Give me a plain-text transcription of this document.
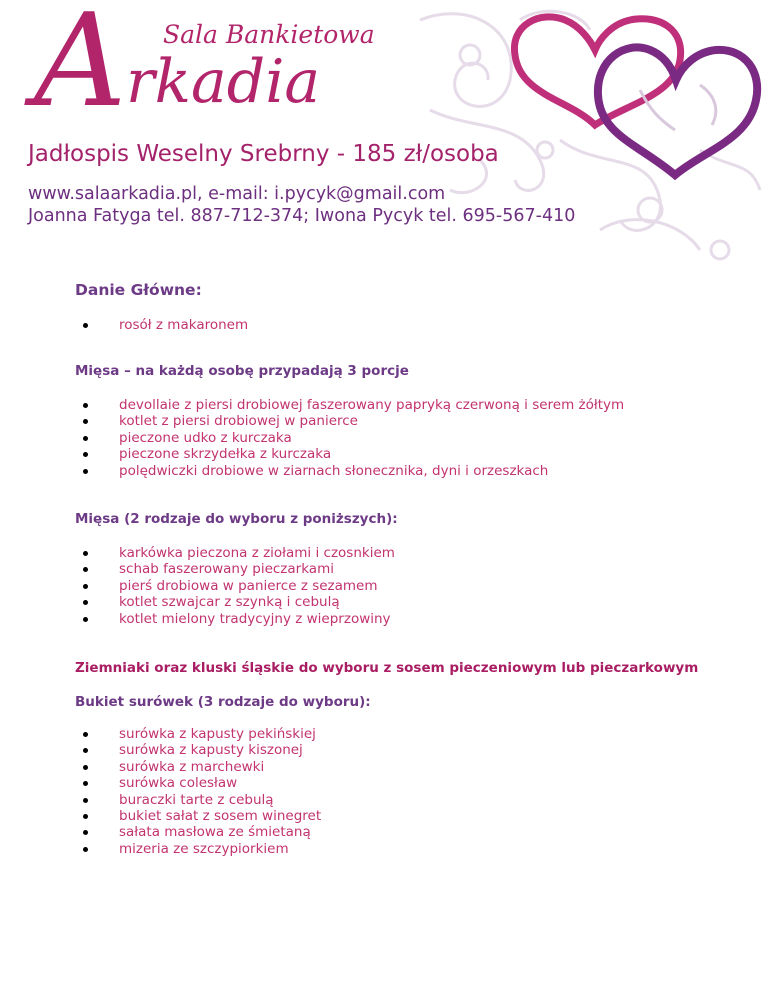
A Sala Bankietowa
rkadia
Jadłospis Weselny Srebrny - 185 zł/osoba
www.salaarkadia.pl, e-mail: i.pycyk@gmail.com
Joanna Fatyga tel. 887-712-374; Iwona Pycyk tel. 695-567-410
Danie Główne:
rosół z makaronem
Mięsa – na każdą osobę przypadają 3 porcje
devollaie z piersi drobiowej faszerowany papryką czerwoną i serem żółtym
kotlet z piersi drobiowej w panierce
pieczone udko z kurczaka
pieczone skrzydełka z kurczaka
polędwiczki drobiowe w ziarnach słonecznika, dyni i orzeszkach
Mięsa (2 rodzaje do wyboru z poniższych):
karkówka pieczona z ziołami i czosnkiem
schab faszerowany pieczarkami
pierś drobiowa w panierce z sezamem
kotlet szwajcar z szynką i cebulą
kotlet mielony tradycyjny z wieprzowiny
Ziemniaki oraz kluski śląskie do wyboru z sosem pieczeniowym lub pieczarkowym
Bukiet surówek (3 rodzaje do wyboru):
surówka z kapusty pekińskiej
surówka z kapusty kiszonej
surówka z marchewki
surówka colesław
buraczki tarte z cebulą
bukiet sałat z sosem winegret
sałata masłowa ze śmietaną
mizeria ze szczypiorkiem
